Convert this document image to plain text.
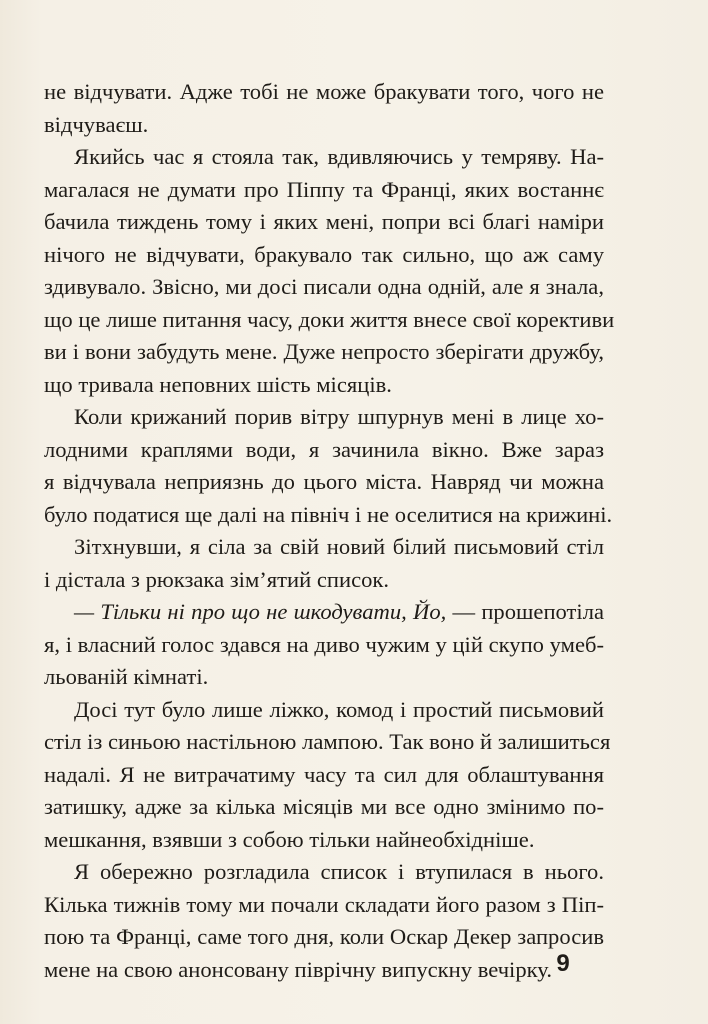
не відчувати. Адже тобі не може бракувати того, чого не
відчуваєш.
Якийсь час я стояла так, вдивляючись у темряву. На-
магалася не думати про Піппу та Франці, яких востаннє
бачила тиждень тому і яких мені, попри всі благі наміри
нічого не відчувати, бракувало так сильно, що аж саму
здивувало. Звісно, ми досі писали одна одній, але я знала,
що це лише питання часу, доки життя внесе свої корективи
ви і вони забудуть мене. Дуже непросто зберігати дружбу,
що тривала неповних шість місяців.
Коли крижаний порив вітру шпурнув мені в лице хо-
лодними краплями води, я зачинила вікно. Вже зараз
я відчувала неприязнь до цього міста. Навряд чи можна
було податися ще далі на північ і не оселитися на крижині.
Зітхнувши, я сіла за свій новий білий письмовий стіл
і дістала з рюкзака зім’ятий список.
— Тільки ні про що не шкодувати, Йо, — прошепотіла
я, і власний голос здався на диво чужим у цій скупо умеб-
льованій кімнаті.
Досі тут було лише ліжко, комод і простий письмовий
стіл із синьою настільною лампою. Так воно й залишиться
надалі. Я не витрачатиму часу та сил для облаштування
затишку, адже за кілька місяців ми все одно змінимо по-
мешкання, взявши з собою тільки найнеобхідніше.
Я обережно розгладила список і втупилася в нього.
Кілька тижнів тому ми почали складати його разом з Піп-
пою та Франці, саме того дня, коли Оскар Декер запросив
мене на свою анонсовану піврічну випускну вечірку. 9
